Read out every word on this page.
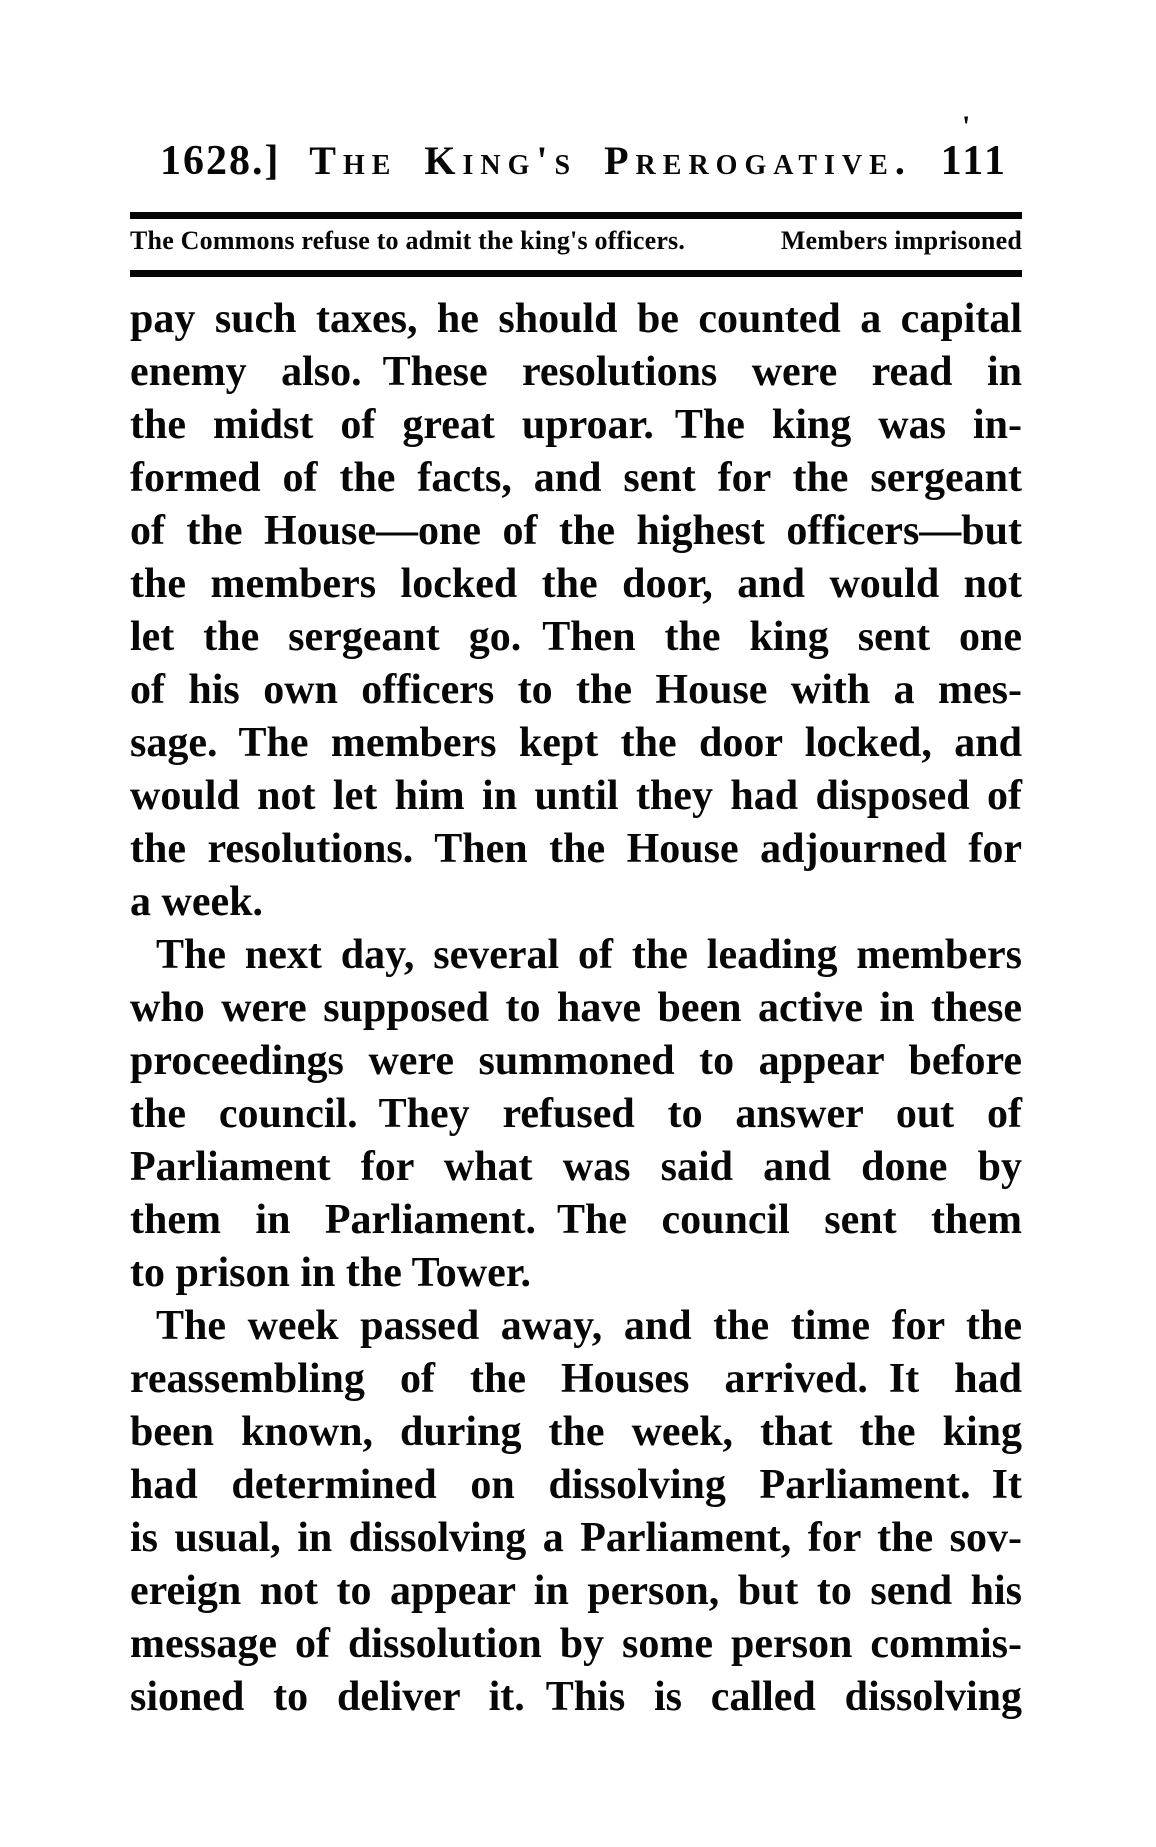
1628.] The King's Prerogative. 111
The Commons refuse to admit the king's officers.	Members imprisoned
pay such taxes, he should be counted a capital
enemy also. These resolutions were read in
the midst of great uproar. The king was in-
formed of the facts, and sent for the sergeant
of the House—one of the highest officers—but
the members locked the door, and would not
let the sergeant go. Then the king sent one
of his own officers to the House with a mes-
sage. The members kept the door locked, and
would not let him in until they had disposed of
the resolutions. Then the House adjourned for
a week.
The next day, several of the leading members
who were supposed to have been active in these
proceedings were summoned to appear before
the council. They refused to answer out of
Parliament for what was said and done by
them in Parliament. The council sent them
to prison in the Tower.
The week passed away, and the time for the
reassembling of the Houses arrived. It had
been known, during the week, that the king
had determined on dissolving Parliament. It
is usual, in dissolving a Parliament, for the sov-
ereign not to appear in person, but to send his
message of dissolution by some person commis-
sioned to deliver it. This is called dissolving
'
